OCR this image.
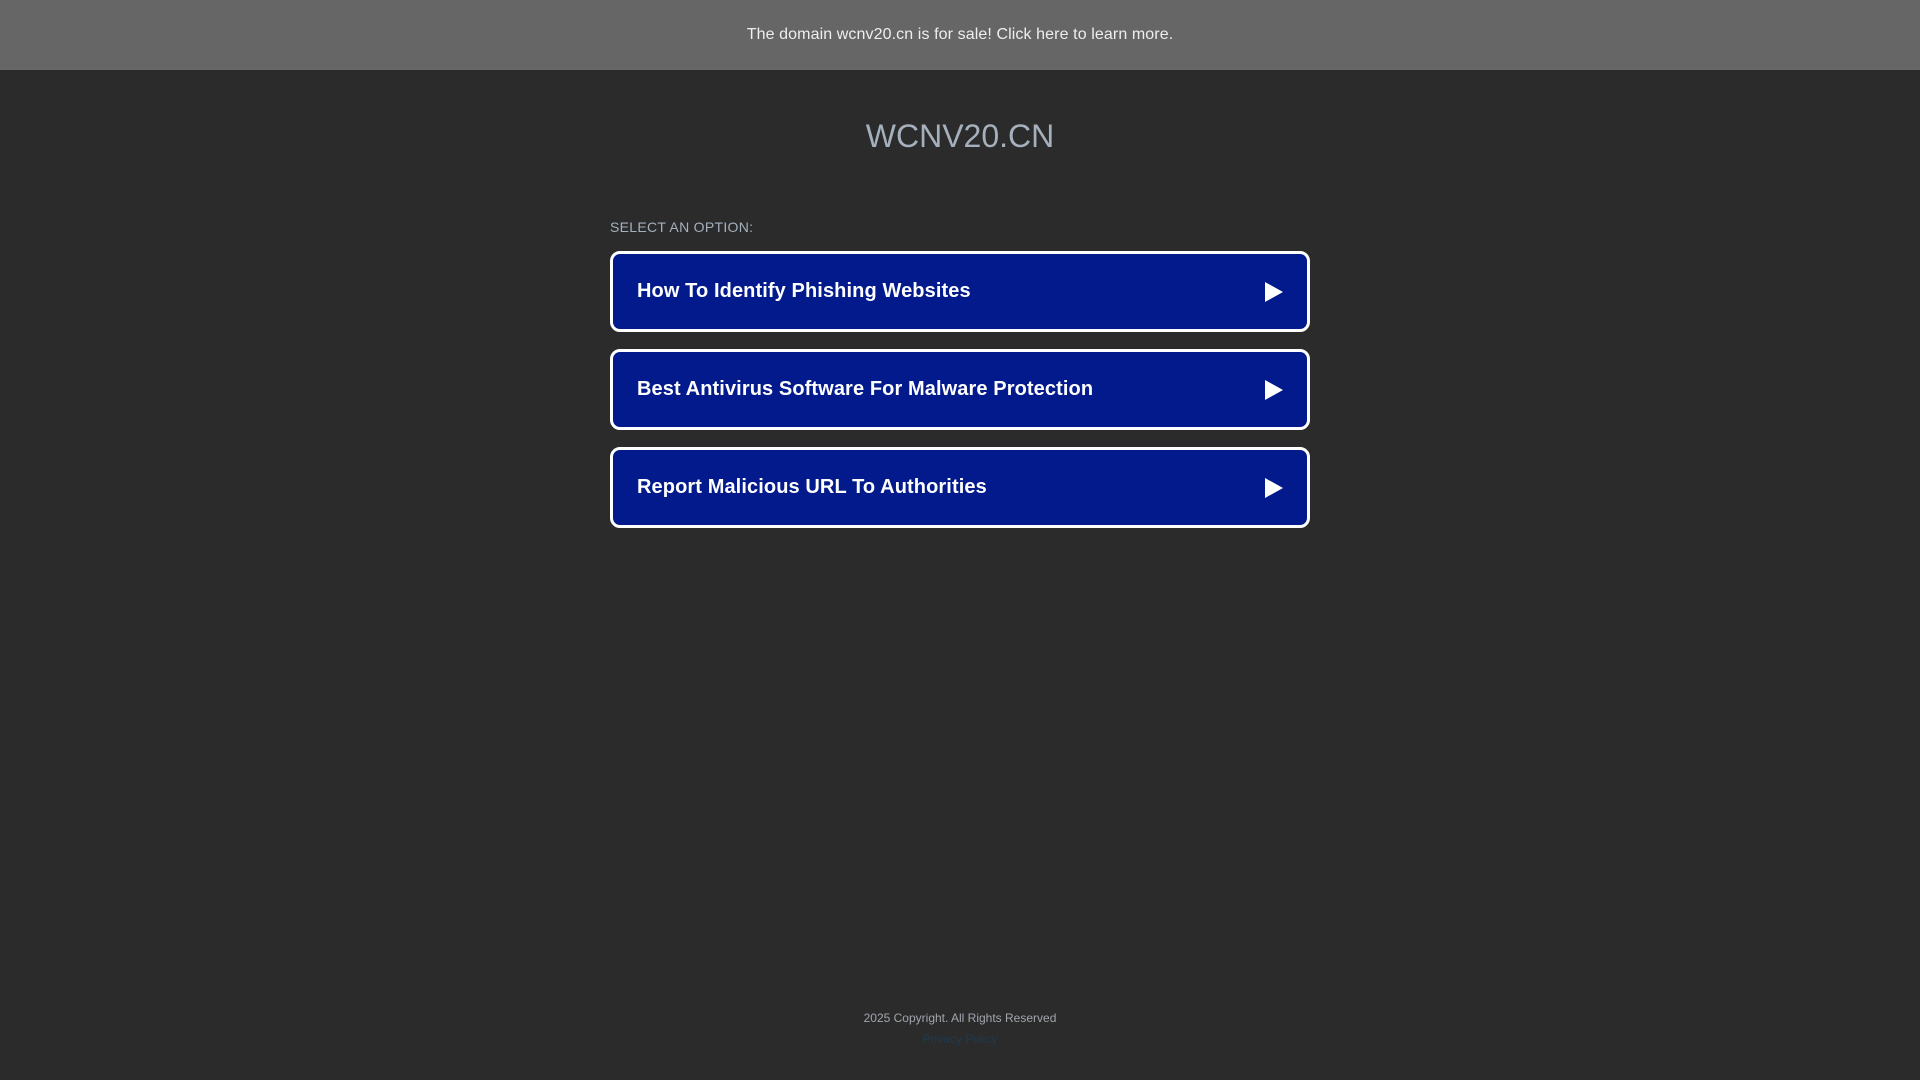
The domain wcnv20.cn is for sale! Click here to learn more.
WCNV20.CN
SELECT AN OPTION:
How To Identify Phishing Websites
Best Antivirus Software For Malware Protection
Report Malicious URL To Authorities
2025 Copyright. All Rights Reserved
Privacy Policy
